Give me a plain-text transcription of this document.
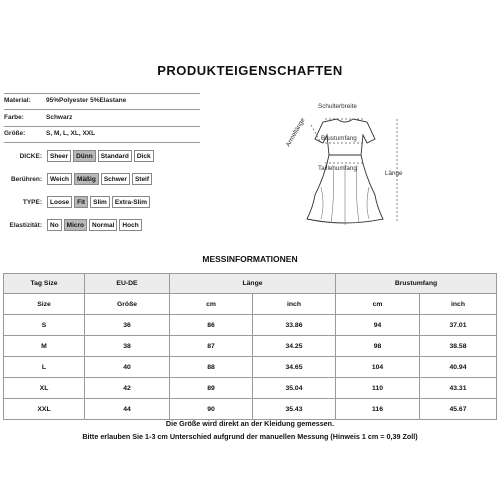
PRODUKTEIGENSCHAFTEN
Material: 95%Polyester 5%Elastane
Farbe:	Schwarz
Größe:	S, M, L, XL, XXL
DICKE:	Sheer	Dünn	Standard	Dick
Berühren:	Weich	Mäßig	Schwer	Steif
TYPE:	Loose	Fit	Slim	Extra-Slim
Elastizität:	No	Micro	Normal	Hoch
Schulterbreite
Brustumfang
Taillenumfang
Länge
Armellänge
MESSINFORMATIONEN
Tag Size	EU-DE	Länge		Brustumfang	
Size	Größe	cm	inch	cm	inch
S	36	86	33.86	94	37.01
M	38	87	34.25	98	38.58
L	40	88	34.65	104	40.94
XL	42	89	35.04	110	43.31
XXL	44	90	35.43	116	45.67
Die Größe wird direkt an der Kleidung gemessen.
Bitte erlauben Sie 1-3 cm Unterschied aufgrund der manuellen Messung (Hinweis 1 cm = 0,39 Zoll)
